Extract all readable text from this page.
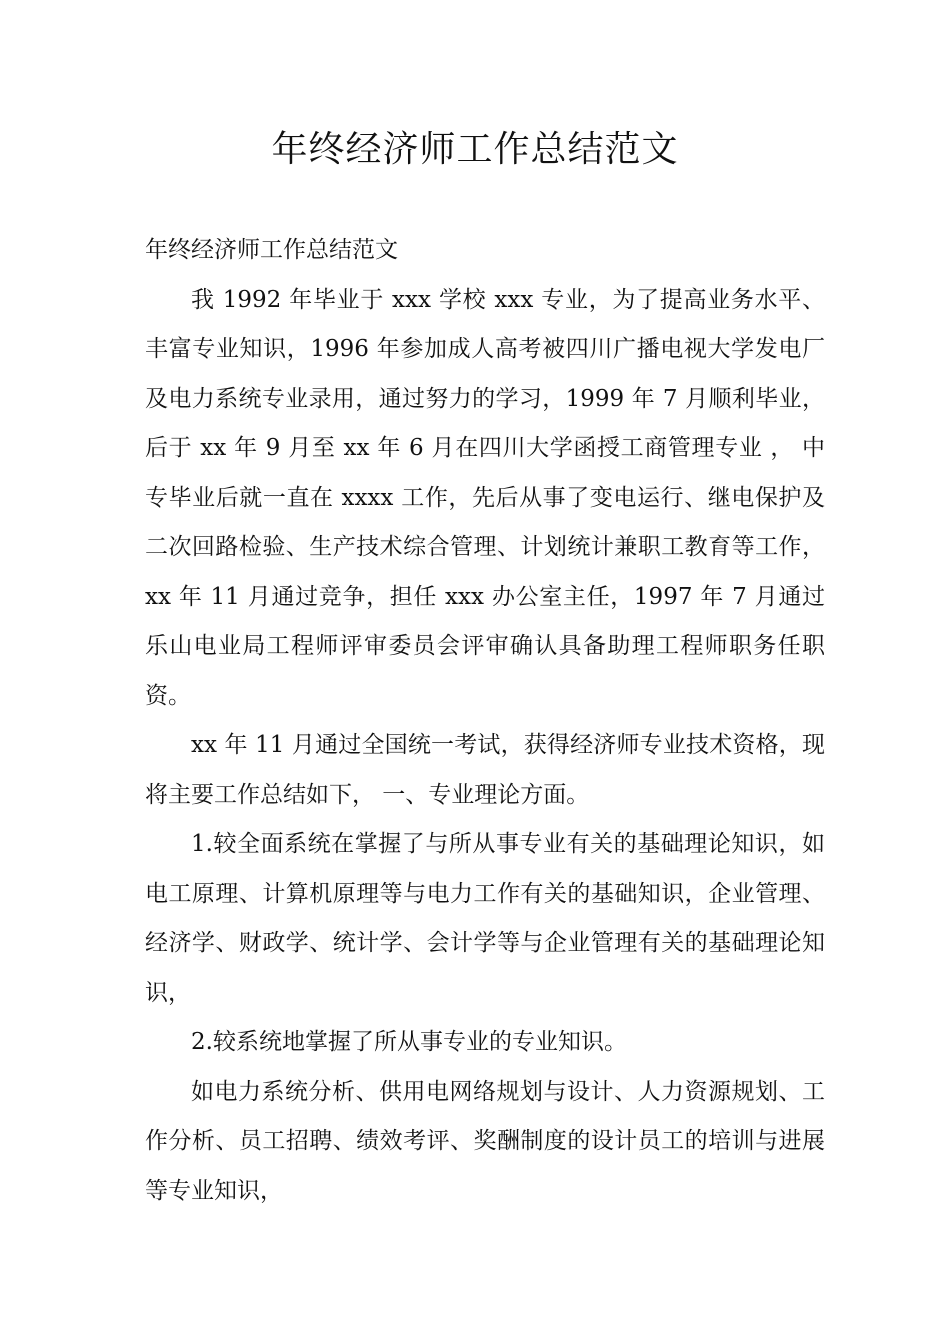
年终经济师工作总结范文

年终经济师工作总结范文

我 1992 年毕业于 xxx 学校 xxx 专业，为了提高业务水平、丰富专业知识，1996 年参加成人高考被四川广播电视大学发电厂及电力系统专业录用，通过努力的学习，1999 年 7 月顺利毕业，后于 xx 年 9 月至 xx 年 6 月在四川大学函授工商管理专业 ， 中专毕业后就一直在 xxxx 工作，先后从事了变电运行、继电保护及二次回路检验、生产技术综合管理、计划统计兼职工教育等工作，xx 年 11 月通过竞争，担任 xxx 办公室主任，1997 年 7 月通过乐山电业局工程师评审委员会评审确认具备助理工程师职务任职资。

xx 年 11 月通过全国统一考试，获得经济师专业技术资格，现将主要工作总结如下， 一、专业理论方面。

1.较全面系统在掌握了与所从事专业有关的基础理论知识，如电工原理、计算机原理等与电力工作有关的基础知识，企业管理、经济学、财政学、统计学、会计学等与企业管理有关的基础理论知识，

2.较系统地掌握了所从事专业的专业知识。

如电力系统分析、供用电网络规划与设计、人力资源规划、工作分析、员工招聘、绩效考评、奖酬制度的设计员工的培训与进展等专业知识，
